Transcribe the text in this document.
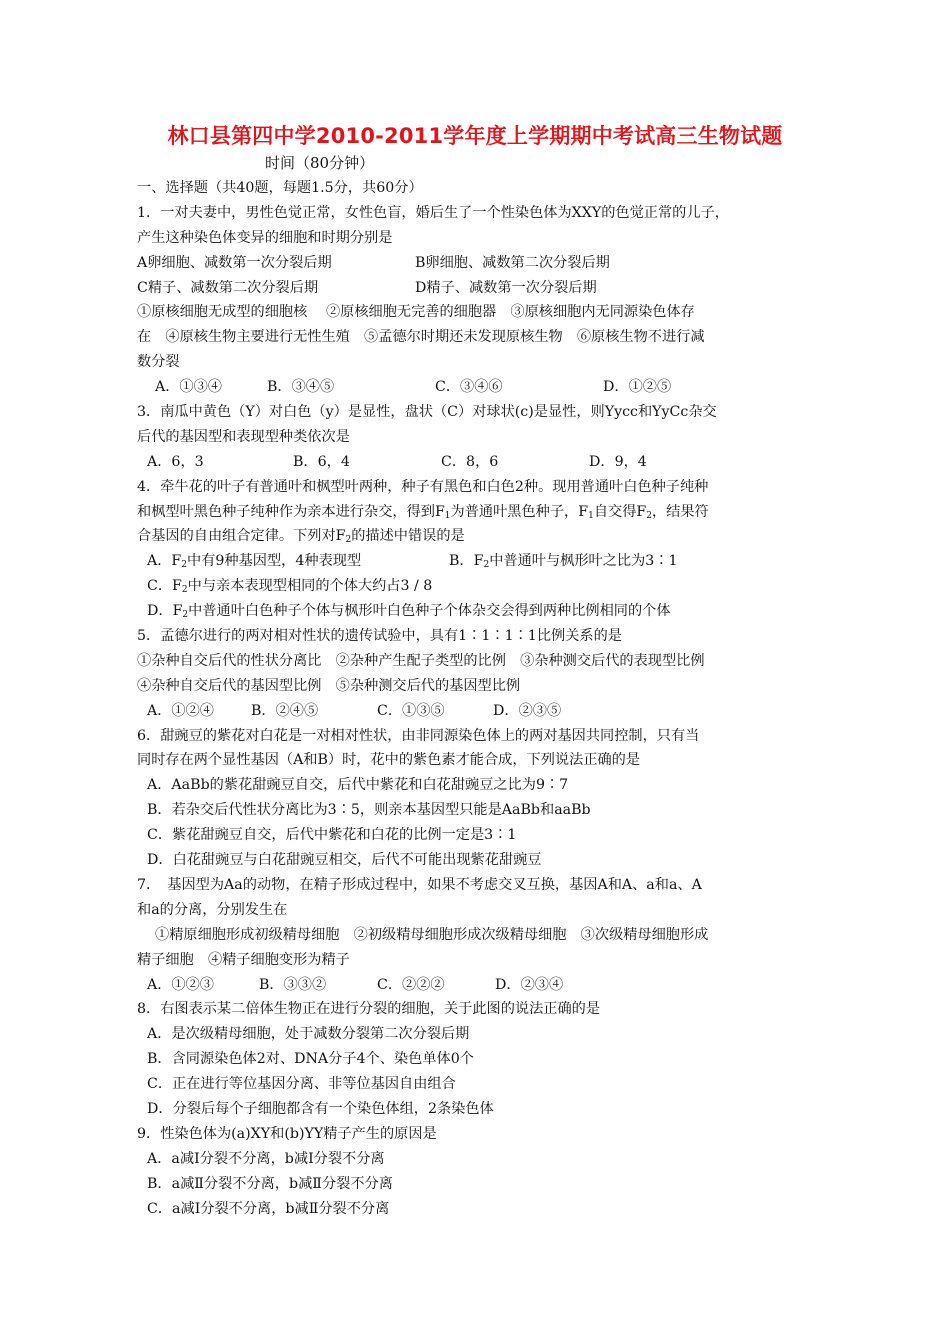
林口县第四中学2010-2011学年度上学期期中考试高三生物试题
时间（80分钟）
一、选择题（共40题，每题1.5分，共60分）
1．一对夫妻中，男性色觉正常，女性色盲，婚后生了一个性染色体为XXY的色觉正常的儿子，
产生这种染色体变异的细胞和时期分别是
A卵细胞、减数第一次分裂后期	B卵细胞、减数第二次分裂后期
C精子、减数第二次分裂后期	D精子、减数第一次分裂后期
①原核细胞无成型的细胞核　 ②原核细胞无完善的细胞器　③原核细胞内无同源染色体存
在　④原核生物主要进行无性生殖　⑤孟德尔时期还未发现原核生物　⑥原核生物不进行减
数分裂
A．①③④	B．③④⑤	C．③④⑥	D．①②⑤
3．南瓜中黄色（Y）对白色（y）是显性，盘状（C）对球状(c)是显性，则Yycc和YyCc杂交
后代的基因型和表现型种类依次是
A．6，3	B．6，4	C．8，6	D．9，4
4．牵牛花的叶子有普通叶和枫型叶两种，种子有黑色和白色2种。现用普通叶白色种子纯种
和枫型叶黑色种子纯种作为亲本进行杂交，得到$F_1$为普通叶黑色种子，$F_1$自交得$F_2$，结果符
合基因的自由组合定律。下列对$F_2$的描述中错误的是
A．$F_2$中有9种基因型，4种表现型	B．$F_2$中普通叶与枫形叶之比为3∶1
C．$F_2$中与亲本表现型相同的个体大约占3 / 8
D．$F_2$中普通叶白色种子个体与枫形叶白色种子个体杂交会得到两种比例相同的个体
5．孟德尔进行的两对相对性状的遗传试验中，具有1∶1∶1∶1比例关系的是
①杂种自交后代的性状分离比　②杂种产生配子类型的比例　③杂种测交后代的表现型比例
④杂种自交后代的基因型比例　⑤杂种测交后代的基因型比例
A．①②④	B．②④⑤	C．①③⑤	D．②③⑤
6．甜豌豆的紫花对白花是一对相对性状，由非同源染色体上的两对基因共同控制，只有当
同时存在两个显性基因（A和B）时，花中的紫色素才能合成，下列说法正确的是
A．AaBb的紫花甜豌豆自交，后代中紫花和白花甜豌豆之比为9∶7
B．若杂交后代性状分离比为3∶5，则亲本基因型只能是AaBb和aaBb
C．紫花甜豌豆自交，后代中紫花和白花的比例一定是3∶1
D．白花甜豌豆与白花甜豌豆相交，后代不可能出现紫花甜豌豆
7．　基因型为Aa的动物，在精子形成过程中，如果不考虑交叉互换，基因A和A、a和a、A
和a的分离，分别发生在
①精原细胞形成初级精母细胞　②初级精母细胞形成次级精母细胞　③次级精母细胞形成
精子细胞　④精子细胞变形为精子
A．①②③	B．③③②	C．②②②	D．②③④
8．右图表示某二倍体生物正在进行分裂的细胞，关于此图的说法正确的是
A．是次级精母细胞，处于减数分裂第二次分裂后期
B．含同源染色体2对、DNA分子4个、染色单体0个
C．正在进行等位基因分离、非等位基因自由组合
D．分裂后每个子细胞都含有一个染色体组，2条染色体
9．性染色体为(a)XY和(b)YY精子产生的原因是
A．a减Ⅰ分裂不分离，b减Ⅰ分裂不分离
B．a减Ⅱ分裂不分离，b减Ⅱ分裂不分离
C．a减Ⅰ分裂不分离，b减Ⅱ分裂不分离
